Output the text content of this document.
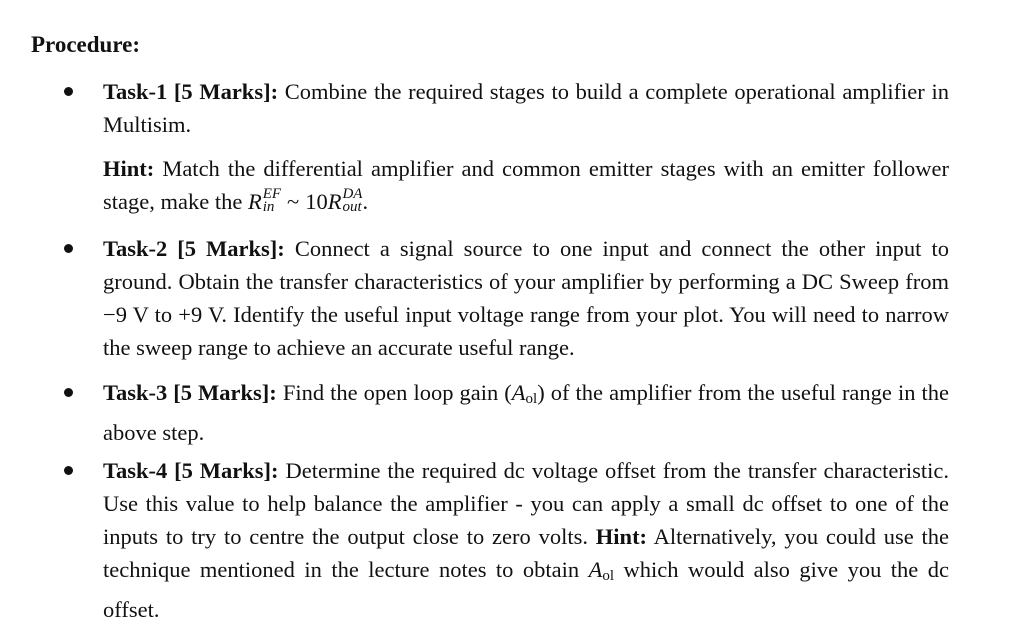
Procedure:

Task-1 [5 Marks]: Combine the required stages to build a complete operational amplifier in Multisim.

Hint: Match the differential amplifier and common emitter stages with an emitter follower stage, make the R EF
in ~ 10R DA
out .

Task-2 [5 Marks]: Connect a signal source to one input and connect the other input to ground. Obtain the transfer characteristics of your amplifier by performing a DC Sweep from −9 V to +9 V. Identify the useful input voltage range from your plot. You will need to narrow the sweep range to achieve an accurate useful range.

Task-3 [5 Marks]: Find the open loop gain (Aol) of the amplifier from the useful range in the above step.

Task-4 [5 Marks]: Determine the required dc voltage offset from the transfer characteristic. Use this value to help balance the amplifier - you can apply a small dc offset to one of the inputs to try to centre the output close to zero volts. Hint: Alternatively, you could use the technique mentioned in the lecture notes to obtain Aol which would also give you the dc offset.
